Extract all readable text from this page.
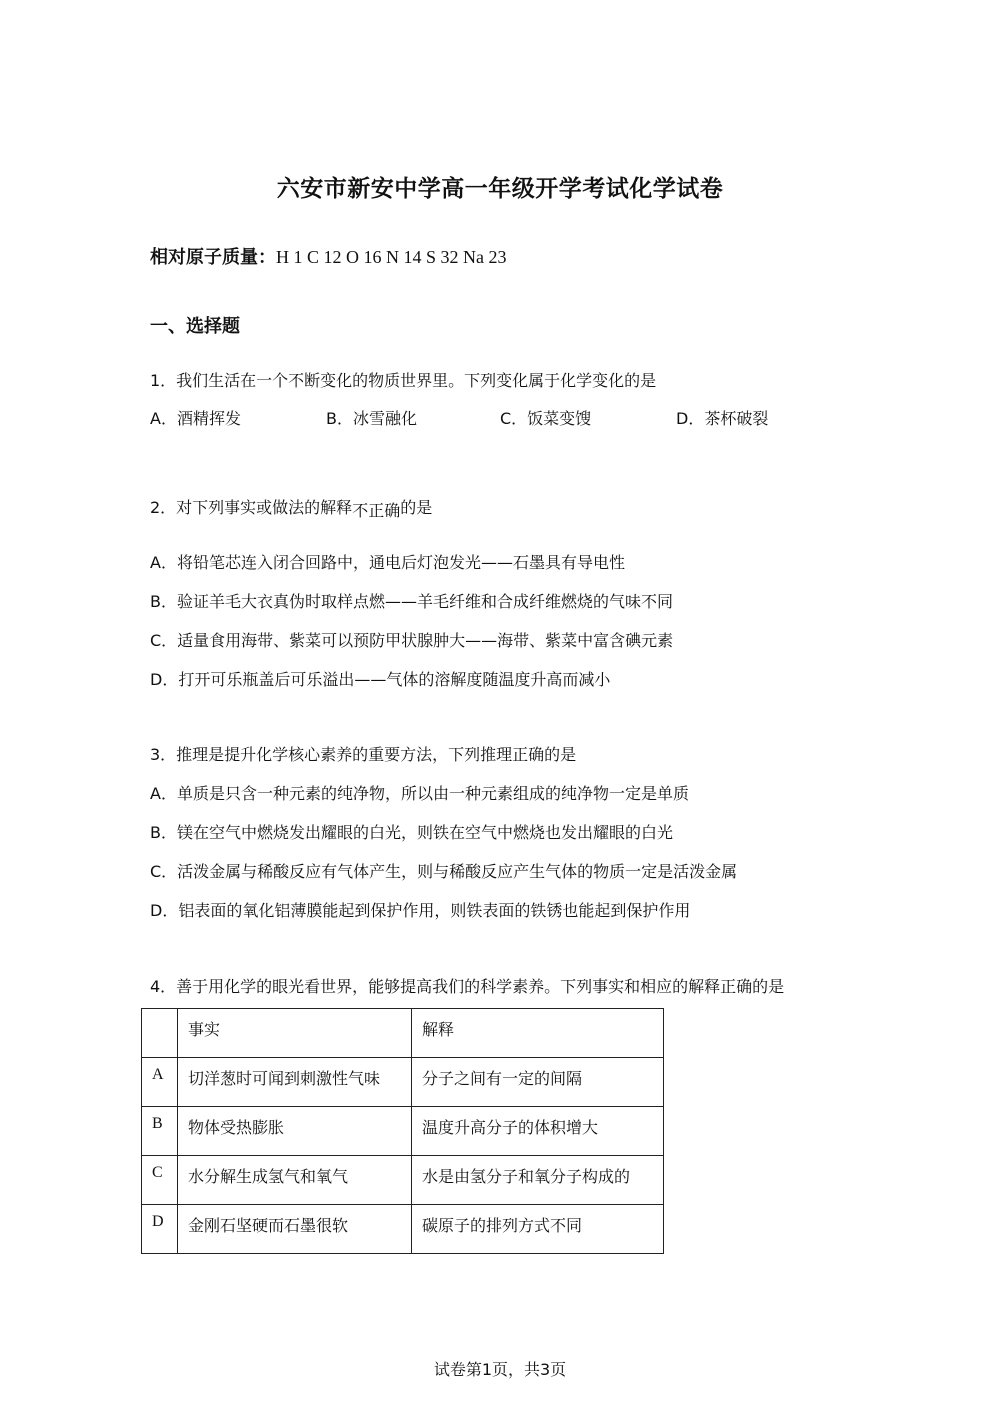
六安市新安中学高一年级开学考试化学试卷
相对原子质量：H 1 C 12 O 16 N 14 S 32 Na 23
一、选择题
1．我们生活在一个不断变化的物质世界里。下列变化属于化学变化的是
A．酒精挥发	B．冰雪融化	C．饭菜变馊	D．茶杯破裂
2．对下列事实或做法的解释不正确的是
A．将铅笔芯连入闭合回路中，通电后灯泡发光——石墨具有导电性
B．验证羊毛大衣真伪时取样点燃——羊毛纤维和合成纤维燃烧的气味不同
C．适量食用海带、紫菜可以预防甲状腺肿大——海带、紫菜中富含碘元素
D．打开可乐瓶盖后可乐溢出——气体的溶解度随温度升高而减小
3．推理是提升化学核心素养的重要方法，下列推理正确的是
A．单质是只含一种元素的纯净物，所以由一种元素组成的纯净物一定是单质
B．镁在空气中燃烧发出耀眼的白光，则铁在空气中燃烧也发出耀眼的白光
C．活泼金属与稀酸反应有气体产生，则与稀酸反应产生气体的物质一定是活泼金属
D．铝表面的氧化铝薄膜能起到保护作用，则铁表面的铁锈也能起到保护作用
4．善于用化学的眼光看世界，能够提高我们的科学素养。下列事实和相应的解释正确的是
	事实	解释
A	切洋葱时可闻到刺激性气味	分子之间有一定的间隔
B	物体受热膨胀	温度升高分子的体积增大
C	水分解生成氢气和氧气	水是由氢分子和氧分子构成的
D	金刚石坚硬而石墨很软	碳原子的排列方式不同
试卷第1页，共3页
